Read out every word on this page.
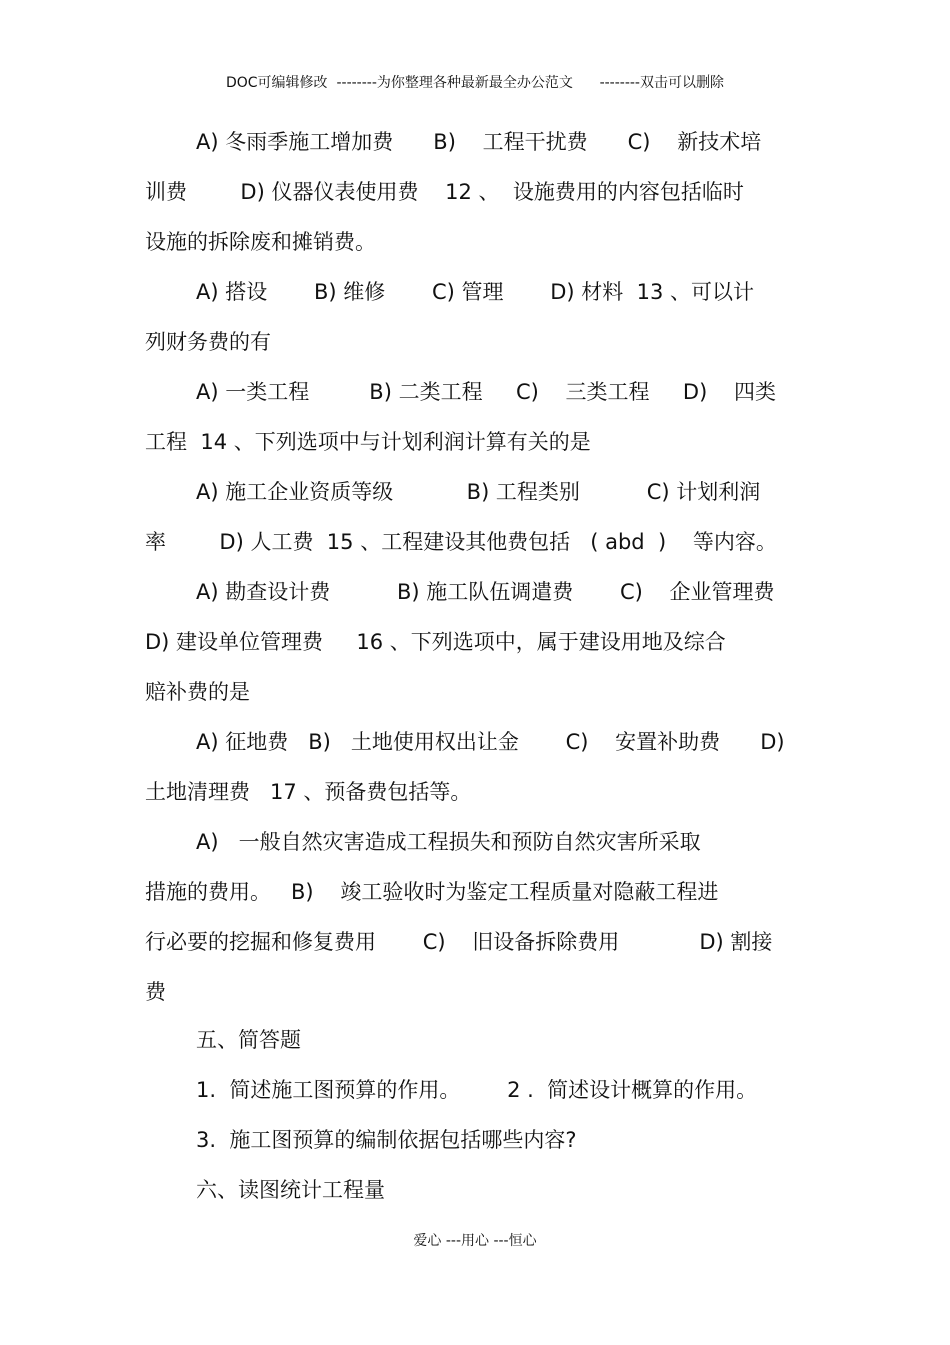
DOC可编辑修改  --------为你整理各种最新最全办公范文      --------双击可以删除
A) 冬雨季施工增加费      B)    工程干扰费      C)    新技术培
训费        D) 仪器仪表使用费    12 、  设施费用的内容包括临时
设施的拆除废和摊销费。
A) 搭设       B) 维修       C) 管理       D) 材料  13 、可以计
列财务费的有
A) 一类工程         B) 二类工程     C)    三类工程     D)    四类
工程  14 、下列选项中与计划利润计算有关的是
A) 施工企业资质等级           B) 工程类别          C) 计划利润
率        D) 人工费  15 、工程建设其他费包括   ( abd  )    等内容。
A) 勘查设计费          B) 施工队伍调遣费       C)    企业管理费
D) 建设单位管理费     16 、下列选项中，属于建设用地及综合
赔补费的是
A) 征地费   B)   土地使用权出让金       C)    安置补助费      D)
土地清理费   17 、预备费包括等。
A)   一般自然灾害造成工程损失和预防自然灾害所采取
措施的费用。   B)    竣工验收时为鉴定工程质量对隐蔽工程进
行必要的挖掘和修复费用       C)    旧设备拆除费用            D) 割接
费
五、简答题
1.  简述施工图预算的作用。       2 .  简述设计概算的作用。
3.  施工图预算的编制依据包括哪些内容?
六、读图统计工程量
爱心 ---用心 ---恒心
